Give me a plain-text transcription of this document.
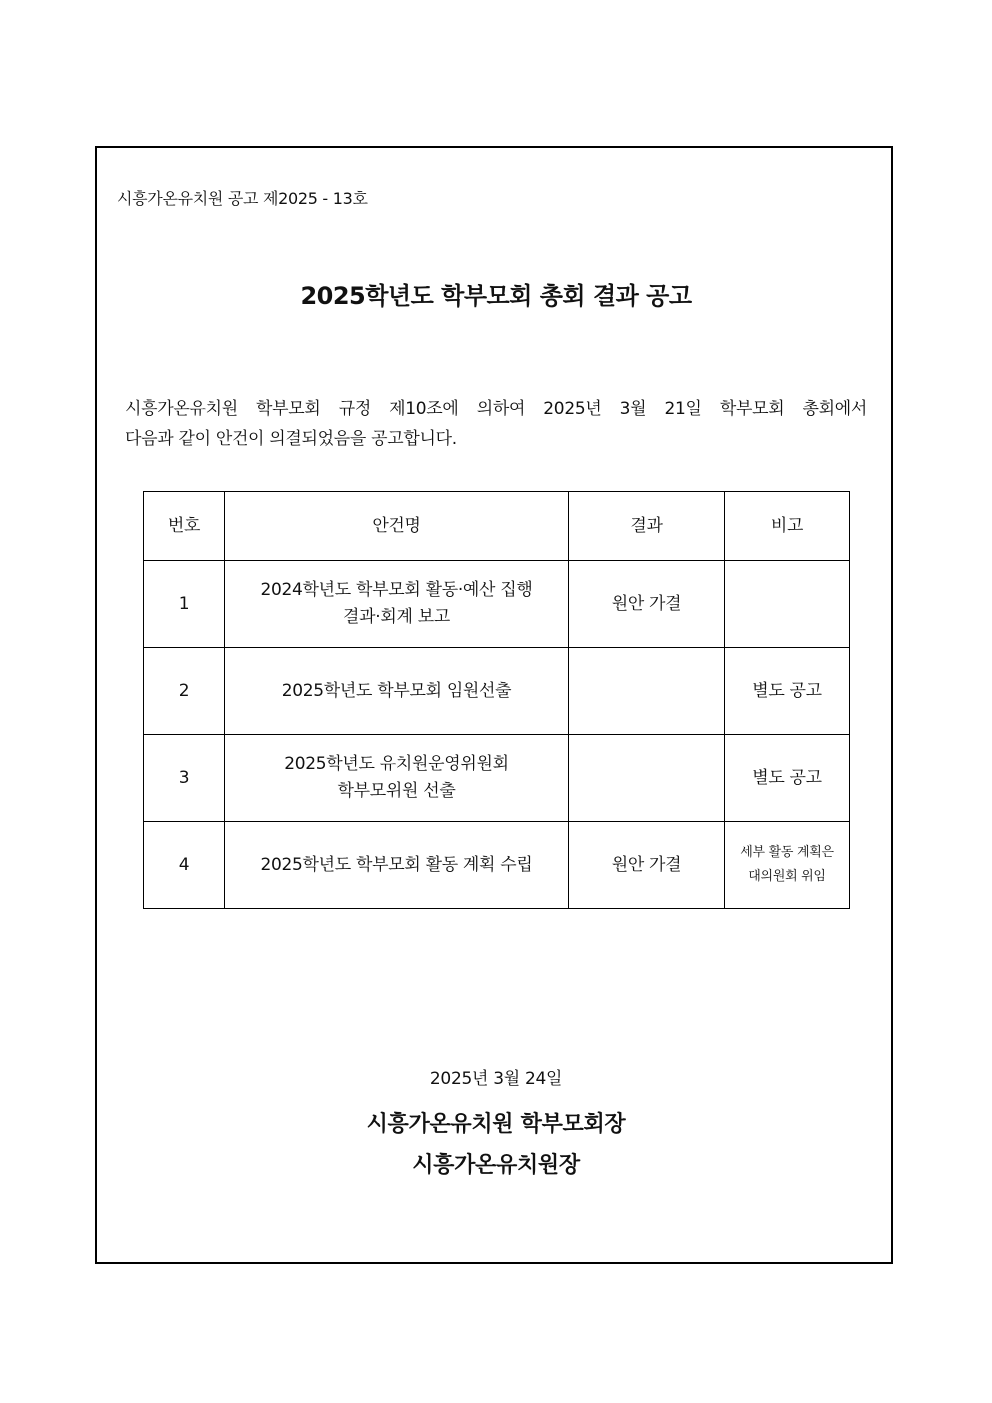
시흥가온유치원 공고 제2025 - 13호
2025학년도 학부모회 총회 결과 공고
시흥가온유치원 학부모회 규정 제10조에 의하여 2025년 3월 21일 학부모회 총회에서
다음과 같이 안건이 의결되었음을 공고합니다.
번호	안건명	결과	비고
1	2024학년도 학부모회 활동·예산 집행
결과·회계 보고	원안 가결	

2	2025학년도 학부모회 임원선출		별도 공고
3	2025학년도 유치원운영위원회
학부모위원 선출		별도 공고
4	2025학년도 학부모회 활동 계획 수립	원안 가결	세부 활동 계획은
대의원회 위임
2025년 3월 24일
시흥가온유치원 학부모회장
시흥가온유치원장
